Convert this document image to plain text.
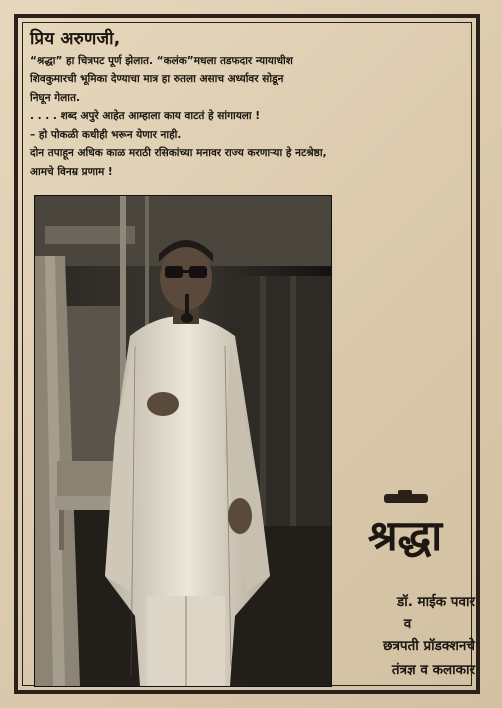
प्रिय अरुणजी,

“श्रद्धा” हा चित्रपट पूर्ण झेलात. “कलंक”मधला तडफदार न्यायाधीश

शिवकुमारची भूमिका देण्याचा मात्र हा रुतला असाच अर्ध्यावर सोडून

निघून गेलात.

. . . . शब्द अपुरे आहेत आम्हाला काय वाटतं हे सांगायला !

– हो पोकळी कधीही भरून येणार नाही.

दोन तपाहून अधिक काळ मराठी रसिकांच्या मनावर राज्य करणाऱ्या हे नटश्रेष्ठा,

आमचे विनम्र प्रणाम !

श्रद्धा
डॉ. माईक पवार
व
छत्रपती प्रॉडक्शनचे
तंत्रज्ञ व कलाकार
